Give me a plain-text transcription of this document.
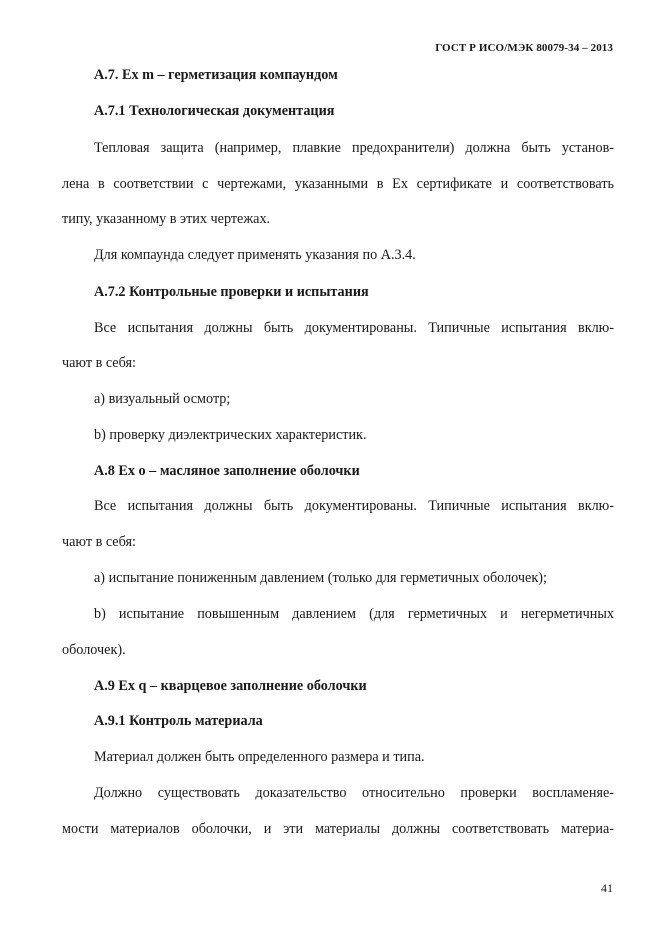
ГОСТ Р ИСО/МЭК 80079-34 – 2013
А.7. Ex m – герметизация компаундом
А.7.1 Технологическая документация
Тепловая защита (например, плавкие предохранители) должна быть установ-
лена в соответствии с чертежами, указанными в Ex сертификате и соответствовать
типу, указанному в этих чертежах.
Для компаунда следует применять указания по А.3.4.
А.7.2 Контрольные проверки и испытания
Все испытания должны быть документированы. Типичные испытания вклю-
чают в себя:
a) визуальный осмотр;
b) проверку диэлектрических характеристик.
А.8 Ex o – масляное заполнение оболочки
Все испытания должны быть документированы. Типичные испытания вклю-
чают в себя:
a) испытание пониженным давлением (только для герметичных оболочек);
b) испытание повышенным давлением (для герметичных и негерметичных
оболочек).
А.9 Ex q – кварцевое заполнение оболочки
А.9.1 Контроль материала
Материал должен быть определенного размера и типа.
Должно существовать доказательство относительно проверки воспламеняе-
мости материалов оболочки, и эти материалы должны соответствовать материа-
41
